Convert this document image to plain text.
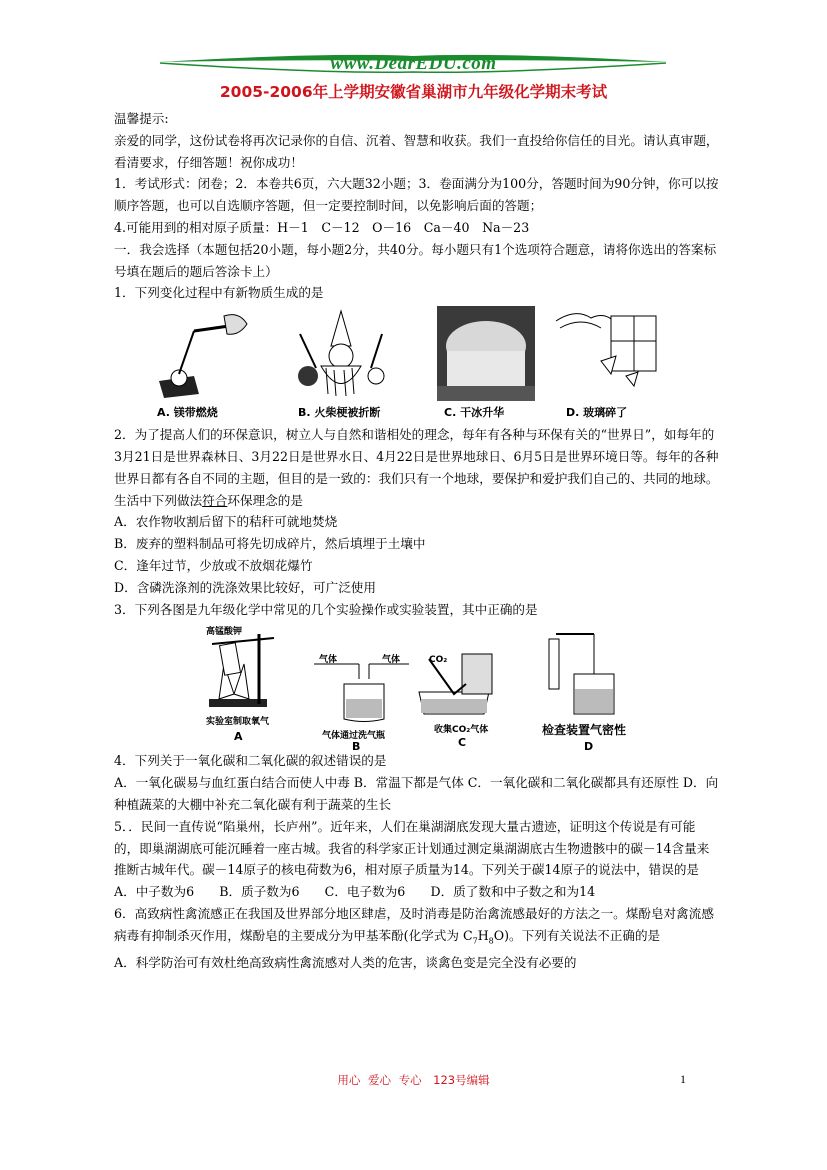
www.DearEDU.com
2005-2006年上学期安徽省巢湖市九年级化学期末考试

温馨提示:

亲爱的同学，这份试卷将再次记录你的自信、沉着、智慧和收获。我们一直投给你信任的目光。请认真审题，看清要求，仔细答题！祝你成功！

1．考试形式：闭卷；2．本卷共6页，六大题32小题；3．卷面满分为100分，答题时间为90分钟，你可以按顺序答题，也可以自选顺序答题，但一定要控制时间，以免影响后面的答题；

4.可能用到的相对原子质量：H－1　C－12　O－16　Ca－40　Na－23

一．我会选择（本题包括20小题，每小题2分，共40分。每小题只有1个选项符合题意，请将你选出的答案标号填在题后的题后答涂卡上）

1．下列变化过程中有新物质生成的是

A. 镁带燃烧	B. 火柴梗被折断	C. 干冰升华	D. 玻璃碎了

2．为了提高人们的环保意识，树立人与自然和谐相处的理念，每年有各种与环保有关的“世界日”，如每年的3月21日是世界森林日、3月22日是世界水日、4月22日是世界地球日、6月5日是世界环境日等。每年的各种世界日都有各自不同的主题，但目的是一致的：我们只有一个地球，要保护和爱护我们自己的、共同的地球。生活中下列做法符合环保理念的是

A．农作物收割后留下的秸秆可就地焚烧

B．废弃的塑料制品可将先切成碎片，然后填埋于土壤中

C．逢年过节，少放或不放烟花爆竹

D．含磷洗涤剂的洗涤效果比较好，可广泛使用

3．下列各图是九年级化学中常见的几个实验操作或实验装置，其中正确的是

高锰酸钾
实验室制取氧气
A
气体	气体
气体通过洗气瓶
B
CO₂
收集CO₂气体
C
检查装置气密性
D

4．下列关于一氧化碳和二氧化碳的叙述错误的是

A．一氧化碳易与血红蛋白结合而使人中毒 B．常温下都是气体 C．一氧化碳和二氧化碳都具有还原性 D．向种植蔬菜的大棚中补充二氧化碳有利于蔬菜的生长

5．．民间一直传说“陷巢州，长庐州”。近年来，人们在巢湖湖底发现大量古遗迹，证明这个传说是有可能的，即巢湖湖底可能沉睡着一座古城。我省的科学家正计划通过测定巢湖湖底古生物遗骸中的碳－14含量来推断古城年代。碳－14原子的核电荷数为6，相对原子质量为14。下列关于碳14原子的说法中，错误的是

A．中子数为6　　B．质子数为6　　C．电子数为6　　D．质了数和中子数之和为14

6．高致病性禽流感正在我国及世界部分地区肆虐，及时消毒是防治禽流感最好的方法之一。煤酚皂对禽流感病毒有抑制杀灭作用，煤酚皂的主要成分为甲基苯酚(化学式为 $C_7H_8O$)。下列有关说法不正确的是

A．科学防治可有效杜绝高致病性禽流感对人类的危害，谈禽色变是完全没有必要的

用心 爱心 专心　123号编辑	1
